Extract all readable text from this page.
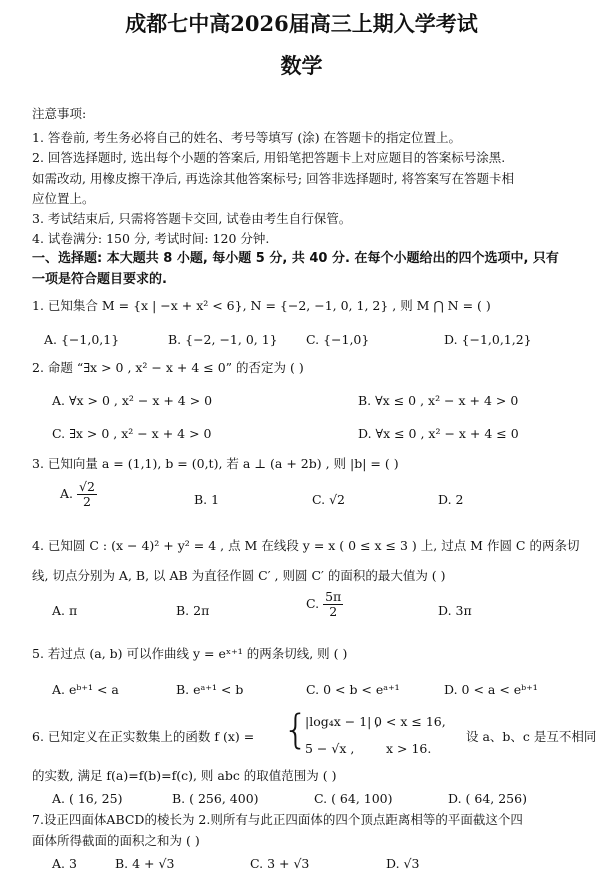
成都七中高2026届高三上期入学考试
数学
注意事项:
1. 答卷前, 考生务必将自己的姓名、考号等填写 (涂) 在答题卡的指定位置上。
2. 回答选择题时, 选出每个小题的答案后, 用铅笔把答题卡上对应题目的答案标号涂黑.
如需改动, 用橡皮擦干净后, 再选涂其他答案标号; 回答非选择题时, 将答案写在答题卡相
应位置上。
3. 考试结束后, 只需将答题卡交回, 试卷由考生自行保管。
4. 试卷满分: 150 分, 考试时间: 120 分钟.
一、选择题: 本大题共 8 小题, 每小题 5 分, 共 40 分. 在每个小题给出的四个选项中, 只有
一项是符合题目要求的.
1. 已知集合 M = {x | −x + x² < 6}, N = {−2, −1, 0, 1, 2} , 则 M ⋂ N = ( )
A. {−1,0,1}	B. {−2, −1, 0, 1} C. {−1,0}	D. {−1,0,1,2}
2. 命题 “∃x > 0 , x² − x + 4 ≤ 0” 的否定为 ( )
A. ∀x > 0 , x² − x + 4 > 0	B. ∀x ≤ 0 , x² − x + 4 > 0
C. ∃x > 0 , x² − x + 4 > 0	D. ∀x ≤ 0 , x² − x + 4 ≤ 0
3. 已知向量 a = (1,1), b = (0,t), 若 a ⊥ (a + 2b) , 则 |b| = ( )
A. $\frac{√2}{2}$	B. 1	C. √2	D. 2
4. 已知圆 C : (x − 4)² + y² = 4 , 点 M 在线段 y = x ( 0 ≤ x ≤ 3 ) 上, 过点 M 作圆 C 的两条切
线, 切点分别为 A, B, 以 AB 为直径作圆 C′ , 则圆 C′ 的面积的最大值为 ( )
A. π	B. 2π	C. $\frac{5\pi}{2}$	D. 3π
5. 若过点 (a, b) 可以作曲线 y = eˣ⁺¹ 的两条切线, 则 ( )
A. eᵇ⁺¹ < a	B. eᵃ⁺¹ < b	C. 0 < b < eᵃ⁺¹	D. 0 < a < eᵇ⁺¹
6. 已知定义在正实数集上的函数 f (x) = {
|log₄x − 1| ,
0 < x ≤ 16,
5 − √x ,	x > 16.
设 a、b、c 是互不相同
的实数, 满足 f(a)=f(b)=f(c), 则 abc 的取值范围为 ( )
A. ( 16, 25)	B. ( 256, 400)	C. ( 64, 100)	D. ( 64, 256)
7.设正四面体ABCD的棱长为 2.则所有与此正四面体的四个顶点距离相等的平面截这个四
面体所得截面的面积之和为 ( )
A. 3	B. 4 + √3	C. 3 + √3	D. √3
